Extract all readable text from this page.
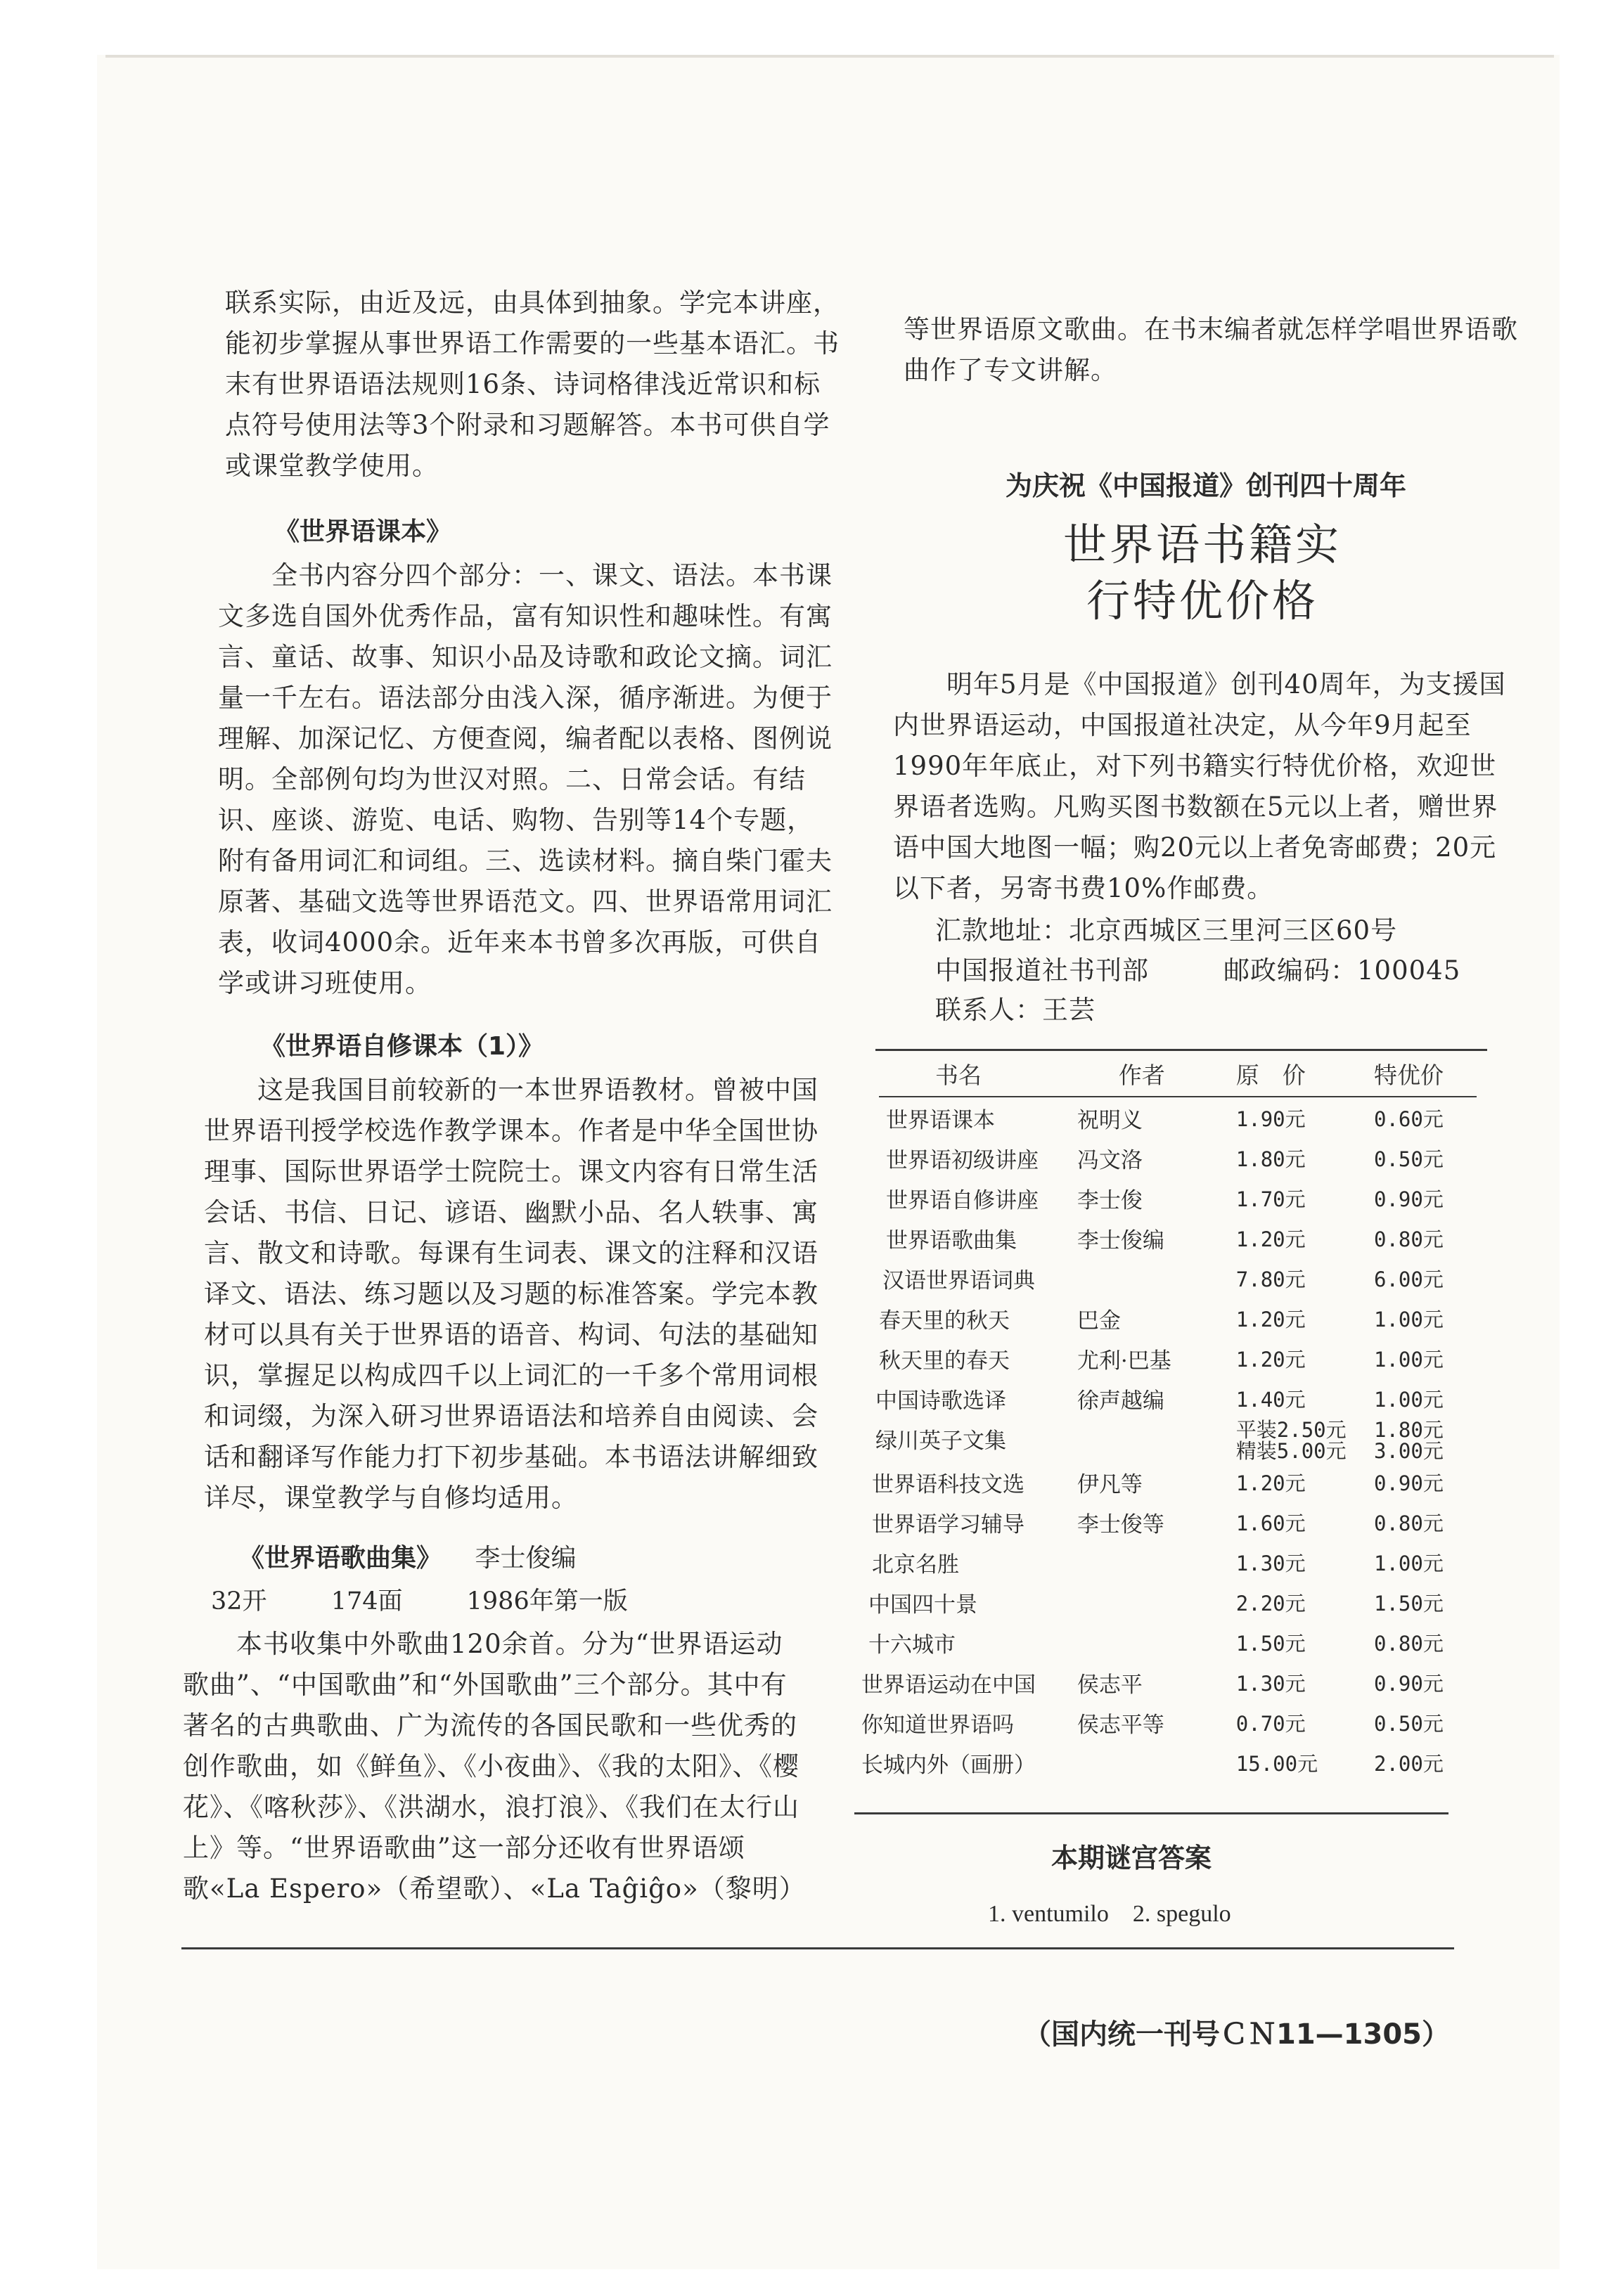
联系实际，由近及远，由具体到抽象。学完本讲座，能初步掌握从事世界语工作需要的一些基本语汇。书末有世界语语法规则16条、诗词格律浅近常识和标点符号使用法等3个附录和习题解答。本书可供自学或课堂教学使用。

《世界语课本》

全书内容分四个部分：一、课文、语法。本书课文多选自国外优秀作品，富有知识性和趣味性。有寓言、童话、故事、知识小品及诗歌和政论文摘。词汇量一千左右。语法部分由浅入深，循序渐进。为便于理解、加深记忆、方便查阅，编者配以表格、图例说明。全部例句均为世汉对照。二、日常会话。有结识、座谈、游览、电话、购物、告别等14个专题，附有备用词汇和词组。三、选读材料。摘自柴门霍夫原著、基础文选等世界语范文。四、世界语常用词汇表，收词4000余。近年来本书曾多次再版，可供自学或讲习班使用。

《世界语自修课本（1）》

这是我国目前较新的一本世界语教材。曾被中国世界语刊授学校选作教学课本。作者是中华全国世协理事、国际世界语学士院院士。课文内容有日常生活会话、书信、日记、谚语、幽默小品、名人轶事、寓言、散文和诗歌。每课有生词表、课文的注释和汉语译文、语法、练习题以及习题的标准答案。学完本教材可以具有关于世界语的语音、构词、句法的基础知识，掌握足以构成四千以上词汇的一千多个常用词根和词缀，为深入研习世界语语法和培养自由阅读、会话和翻译写作能力打下初步基础。本书语法讲解细致详尽，课堂教学与自修均适用。

《世界语歌曲集》 李士俊编
32开	174面	1986年第一版

本书收集中外歌曲120余首。分为“世界语运动歌曲”、“中国歌曲”和“外国歌曲”三个部分。其中有著名的古典歌曲、广为流传的各国民歌和一些优秀的创作歌曲，如《鲜鱼》、《小夜曲》、《我的太阳》、《樱花》、《喀秋莎》、《洪湖水，浪打浪》、《我们在太行山上》等。“世界语歌曲”这一部分还收有世界语颂歌«La Espero»（希望歌）、«La Taĝiĝo»（黎明）

等世界语原文歌曲。在书末编者就怎样学唱世界语歌曲作了专文讲解。

为庆祝《中国报道》创刊四十周年
世界语书籍实
行特优价格

明年5月是《中国报道》创刊40周年，为支援国内世界语运动，中国报道社决定，从今年9月起至1990年年底止，对下列书籍实行特优价格，欢迎世界语者选购。凡购买图书数额在5元以上者，赠世界语中国大地图一幅；购20元以上者免寄邮费；20元以下者，另寄书费10%作邮费。

汇款地址：北京西城区三里河三区60号
中国报道社书刊部	邮政编码：100045
联系人：王芸
书名	作者	原　价	特优价

世界语课本	祝明义	1.90元	0.60元
世界语初级讲座	冯文洛	1.80元	0.50元
世界语自修讲座	李士俊	1.70元	0.90元
世界语歌曲集	李士俊编	1.20元	0.80元
汉语世界语词典		7.80元	6.00元
春天里的秋天	巴金	1.20元	1.00元
秋天里的春天	尤利·巴基	1.20元	1.00元
中国诗歌选译	徐声越编	1.40元	1.00元
绿川英子文集		平装2.50元 精装5.00元	1.80元 3.00元
世界语科技文选	伊凡等	1.20元	0.90元
世界语学习辅导	李士俊等	1.60元	0.80元
北京名胜		1.30元	1.00元
中国四十景		2.20元	1.50元
十六城市		1.50元	0.80元
世界语运动在中国	侯志平	1.30元	0.90元
你知道世界语吗	侯志平等	0.70元	0.50元
长城内外（画册）		15.00元	2.00元
本期谜宫答案
1. ventumilo　2. spegulo
（国内统一刊号ＣＮ11—1305）
